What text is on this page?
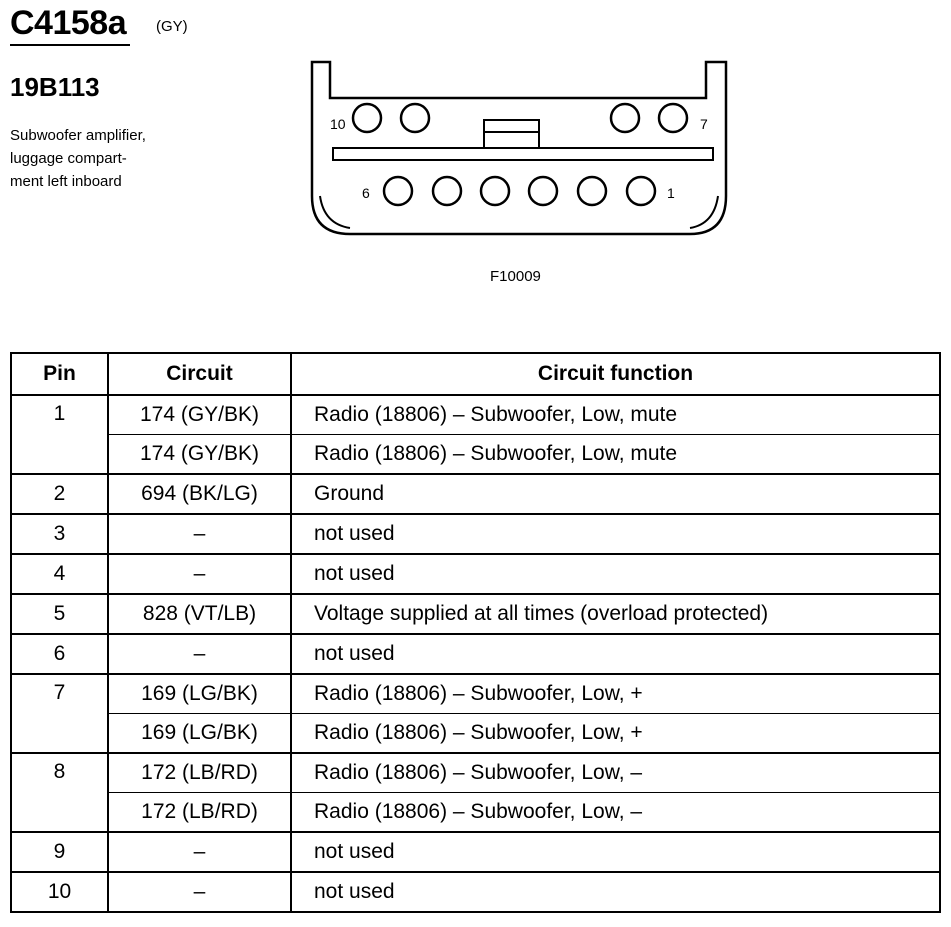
C4158a (GY)
19B113
Subwoofer amplifier,
luggage compart-
ment left inboard
10	7
6	1
F10009
Pin	Circuit	Circuit function
1	174 (GY/BK)	Radio (18806) – Subwoofer, Low, mute
	174 (GY/BK)	Radio (18806) – Subwoofer, Low, mute
2	694 (BK/LG)	Ground
3	–	not used
4	–	not used
5	828 (VT/LB)	Voltage supplied at all times (overload protected)
6	–	not used
7	169 (LG/BK)	Radio (18806) – Subwoofer, Low, +
	169 (LG/BK)	Radio (18806) – Subwoofer, Low, +
8	172 (LB/RD)	Radio (18806) – Subwoofer, Low, –
	172 (LB/RD)	Radio (18806) – Subwoofer, Low, –
9	–	not used
10	–	not used
